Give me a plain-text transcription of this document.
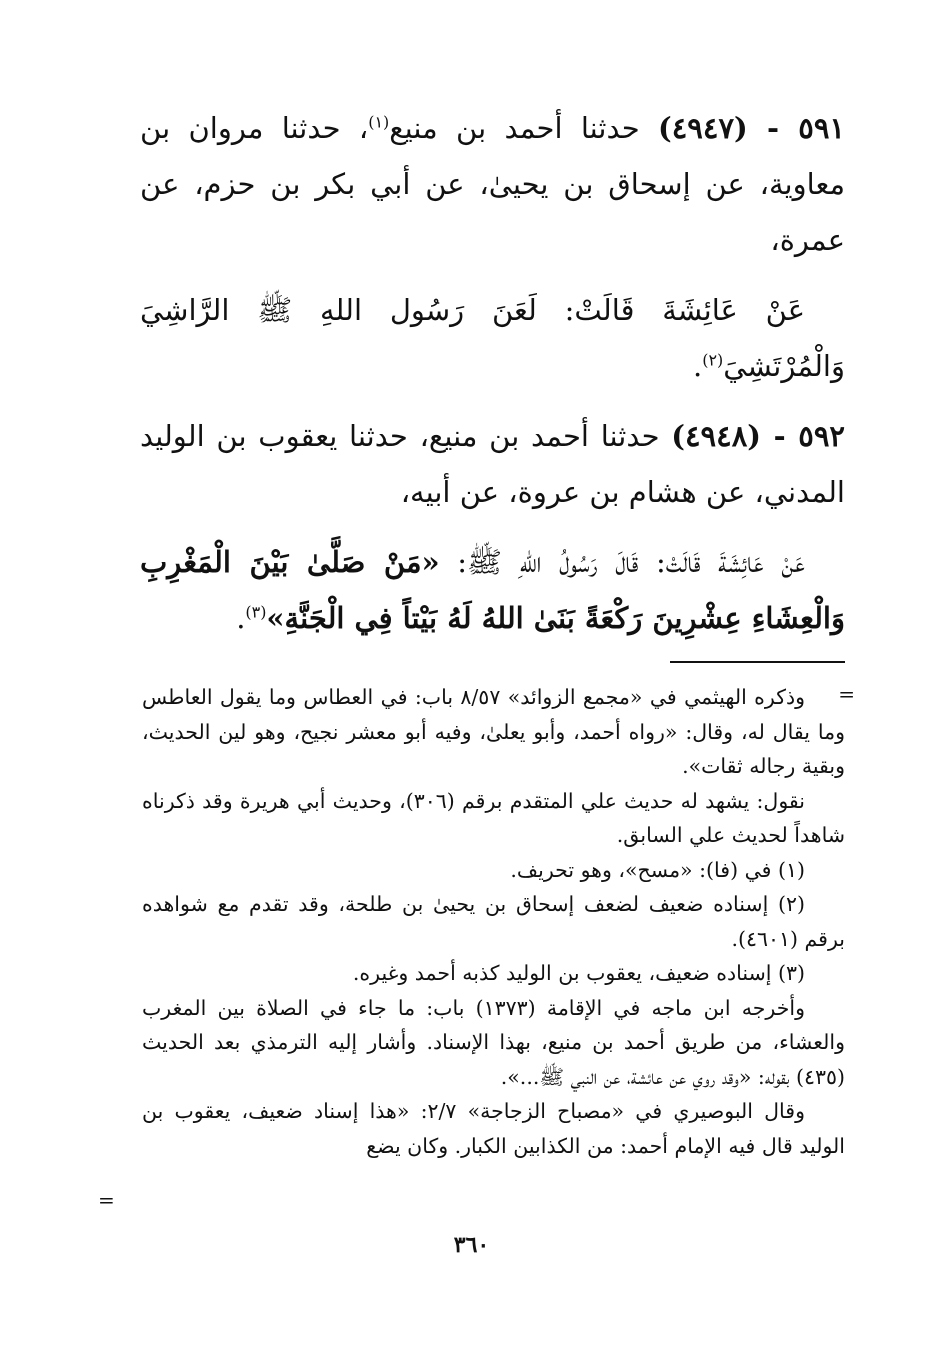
٥٩١ - (٤٩٤٧) حدثنا أحمد بن منيع$^{(١)}$، حدثنا مروان بن معاوية، عن إسحاق بن يحيىٰ، عن أبي بكر بن حزم، عن عمرة،

عَنْ عَائِشَةَ قَالَتْ: لَعَنَ رَسُول اللهِ ﷺ الرَّاشِيَ وَالْمُرْتَشِيَ$^{(٢)}$.

٥٩٢ - (٤٩٤٨) حدثنا أحمد بن منيع، حدثنا يعقوب بن الوليد المدني، عن هشام بن عروة، عن أبيه،

عَنْ عَائِشَةَ قَالَتْ: قَالَ رَسُولُ اللهِ ﷺ: «مَنْ صَلَّىٰ بَيْنَ الْمَغْرِبِ وَالْعِشَاءِ عِشْرِينَ رَكْعَةً بَنَىٰ اللهُ لَهُ بَيْتاً فِي الْجَنَّةِ»$^{(٣)}$.

=

وذكره الهيثمي في «مجمع الزوائد» ٨/٥٧ باب: في العطاس وما يقول العاطس وما يقال له، وقال: «رواه أحمد، وأبو يعلىٰ، وفيه أبو معشر نجيح، وهو لين الحديث، وبقية رجاله ثقات».

نقول: يشهد له حديث علي المتقدم برقم (٣٠٦)، وحديث أبي هريرة وقد ذكرناه شاهداً لحديث علي السابق.

(١) في (فا): «مسح»، وهو تحريف.

(٢) إسناده ضعيف لضعف إسحاق بن يحيىٰ بن طلحة، وقد تقدم مع شواهده برقم (٤٦٠١).

(٣) إسناده ضعيف، يعقوب بن الوليد كذبه أحمد وغيره.

وأخرجه ابن ماجه في الإقامة (١٣٧٣) باب: ما جاء في الصلاة بين المغرب والعشاء، من طريق أحمد بن منيع، بهذا الإسناد. وأشار إليه الترمذي بعد الحديث (٤٣٥) بقوله: «وقد روي عن عائشة، عن النبي ﷺ...».

وقال البوصيري في «مصباح الزجاجة» ٢/٧: «هذا إسناد ضعيف، يعقوب بن الوليد قال فيه الإمام أحمد: من الكذابين الكبار. وكان يضع

=
٣٦٠
